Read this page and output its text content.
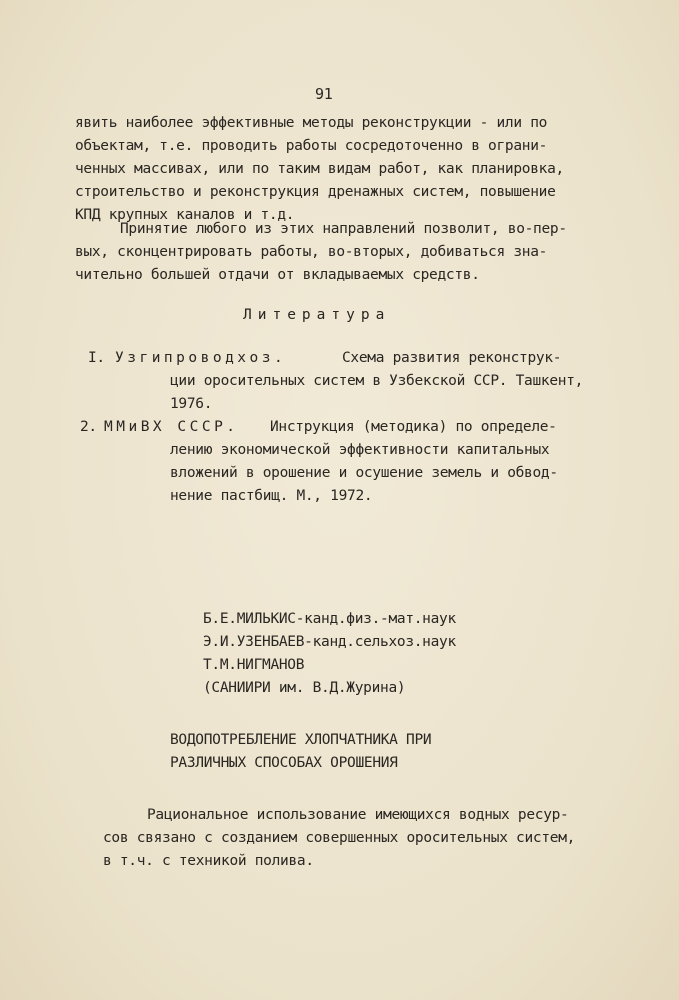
91
явить наиболее эффективные методы реконструкции - или по
объектам, т.е. проводить работы сосредоточенно в ограни-
ченных массивах, или по таким видам работ, как планировка,
строительство и реконструкция дренажных систем, повышение
КПД крупных каналов и т.д.
Принятие любого из этих направлений позволит, во-пер-
вых, сконцентрировать работы, во-вторых, добиваться зна-
чительно большей отдачи от вкладываемых средств.
Литература
I. Узгипроводхоз.	Схема развития реконструк-
ции оросительных систем в Узбекской ССР. Ташкент,
1976.
2. ММиВХ СССР. Инструкция (методика) по определе-
лению экономической эффективности капитальных
вложений в орошение и осушение земель и обвод-
нение пастбищ. М., 1972.
Б.Е.МИЛЬКИС-канд.физ.-мат.наук
Э.И.УЗЕНБАЕВ-канд.сельхоз.наук
Т.М.НИГМАНОВ
(САНИИРИ им. В.Д.Журина)
ВОДОПОТРЕБЛЕНИЕ ХЛОПЧАТНИКА ПРИ
РАЗЛИЧНЫХ СПОСОБАХ ОРОШЕНИЯ
Рациональное использование имеющихся водных ресур-
сов связано с созданием совершенных оросительных систем,
в т.ч. с техникой полива.
